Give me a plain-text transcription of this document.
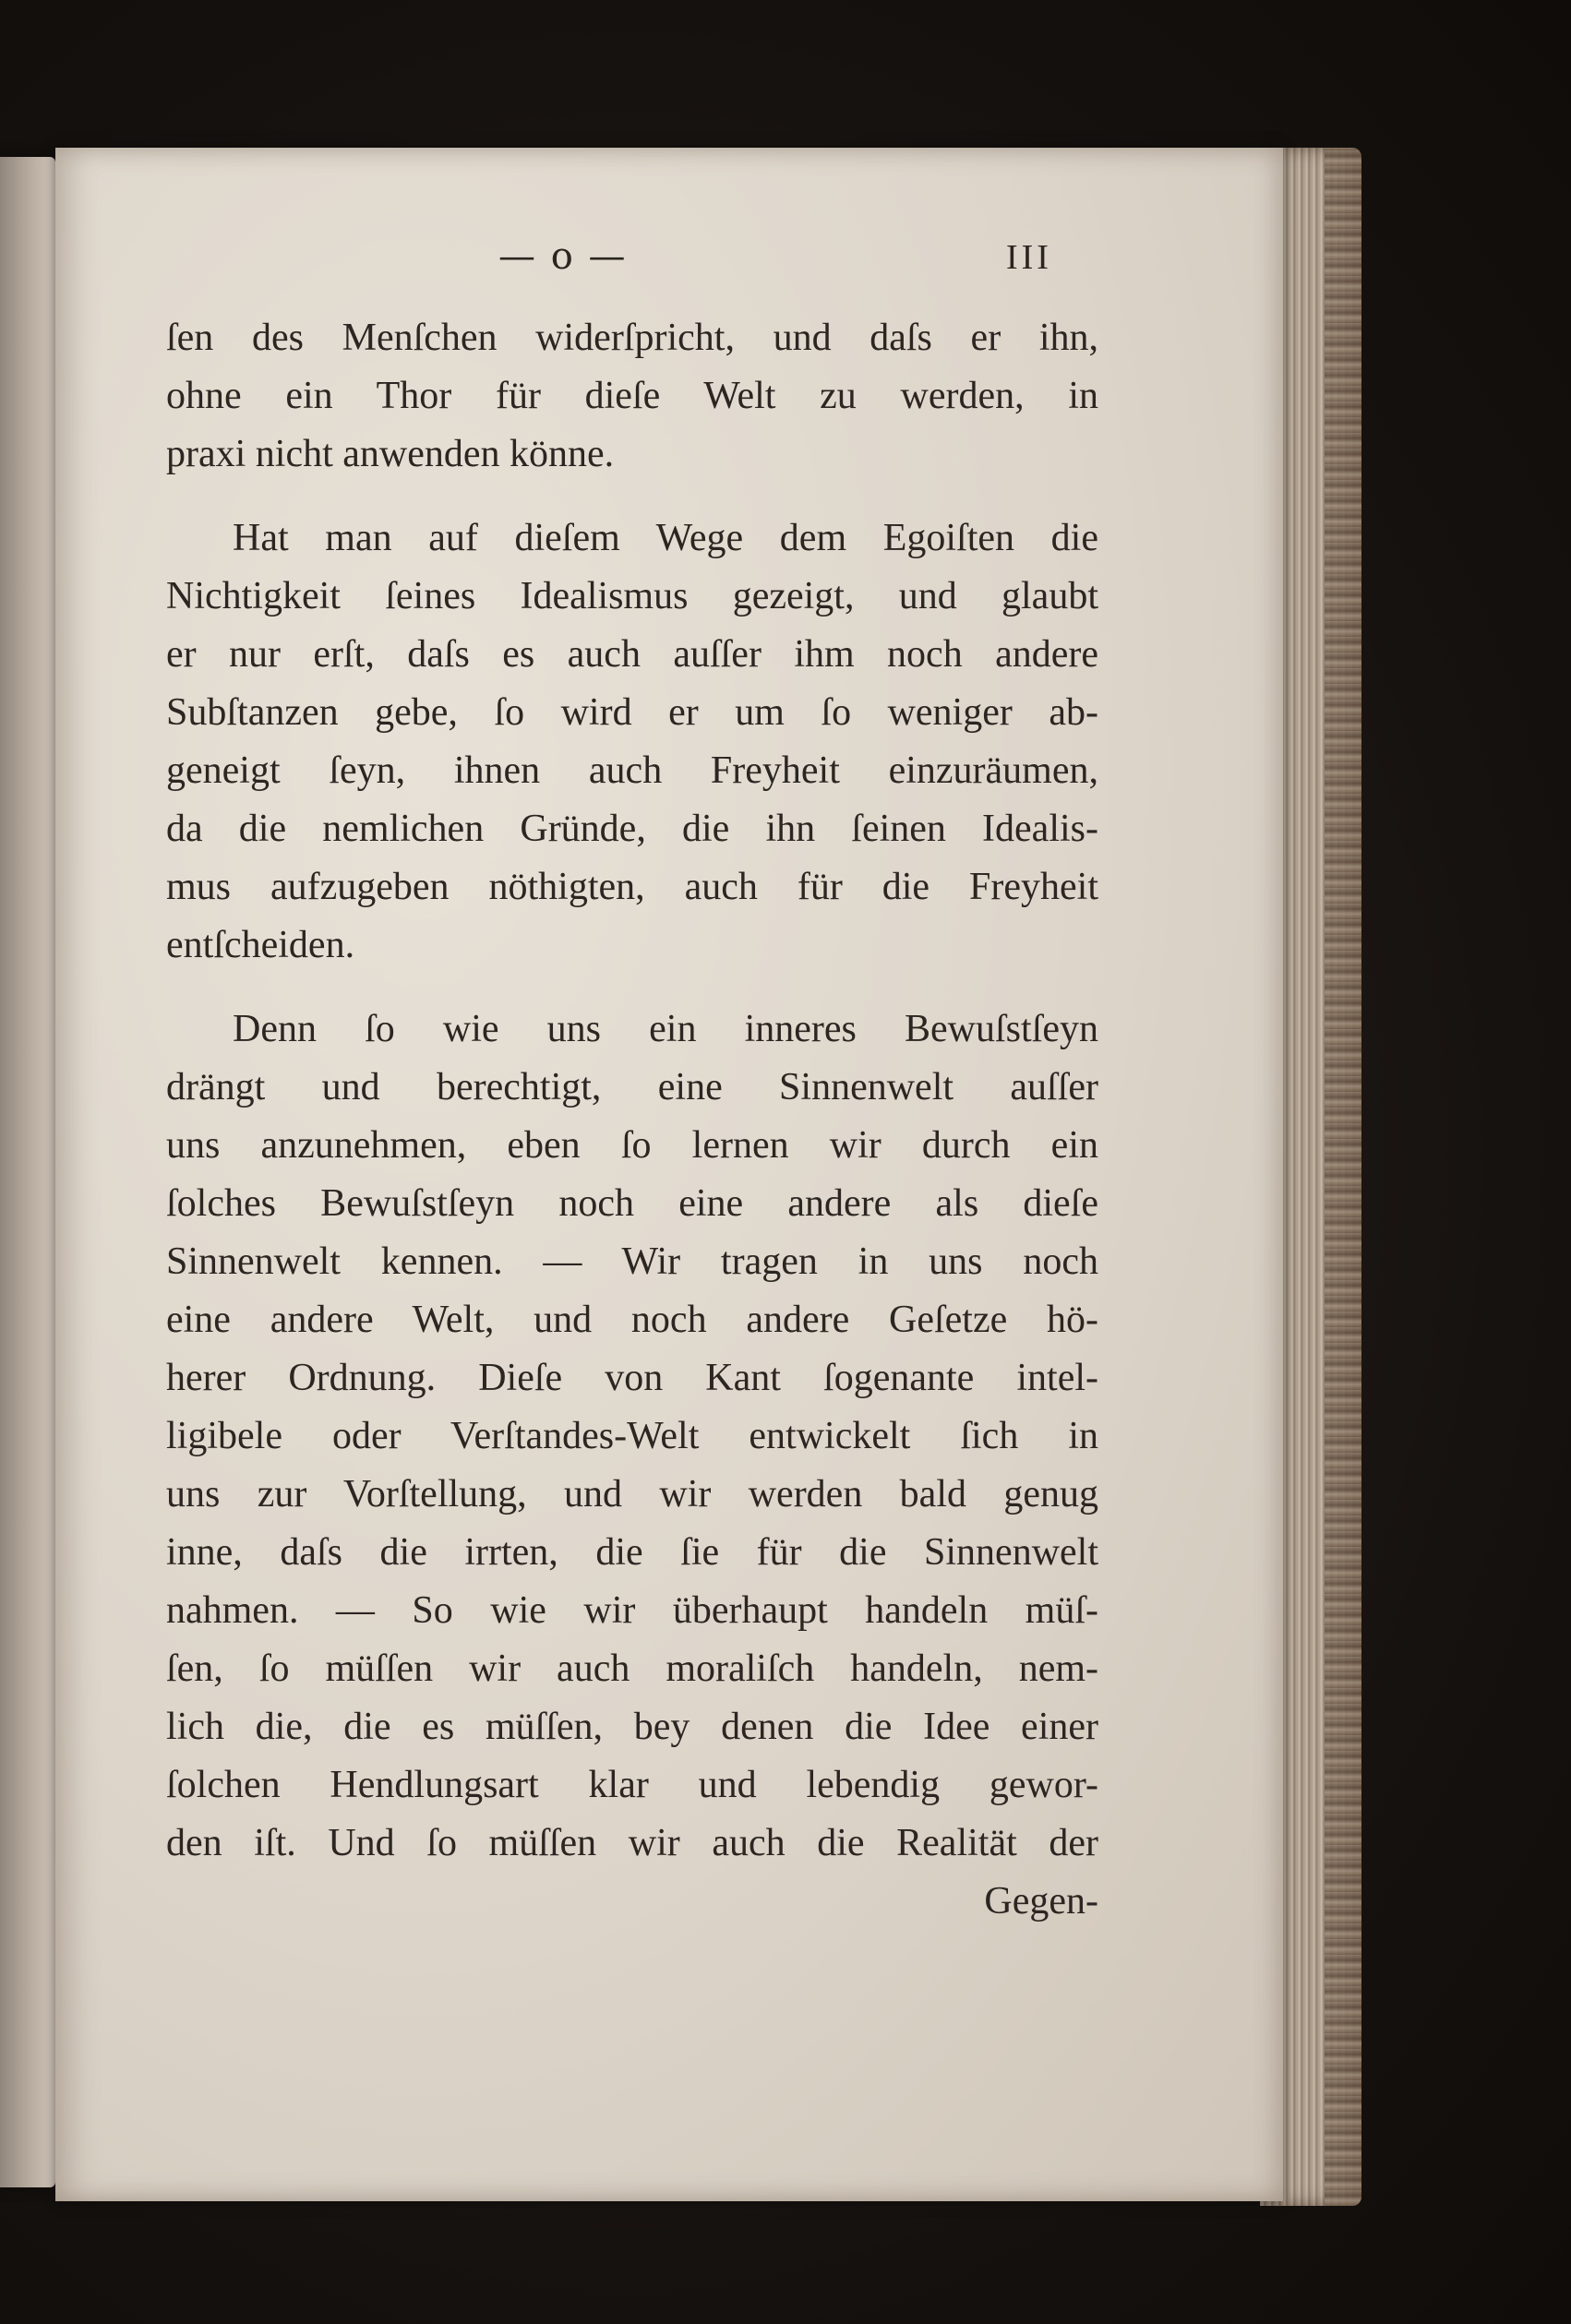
— o —	III
ſen des Menſchen widerſpricht, und daſs er ihn,
ohne ein Thor für dieſe Welt zu werden, in
praxi nicht anwenden könne.
Hat man auf dieſem Wege dem Egoiſten die
Nichtigkeit ſeines Idealismus gezeigt, und glaubt
er nur erſt, daſs es auch auſſer ihm noch andere
Subſtanzen gebe, ſo wird er um ſo weniger ab-
geneigt ſeyn, ihnen auch Freyheit einzuräumen,
da die nemlichen Gründe, die ihn ſeinen Idealis-
mus aufzugeben nöthigten, auch für die Freyheit
entſcheiden.
Denn ſo wie uns ein inneres Bewuſstſeyn
drängt und berechtigt, eine Sinnenwelt auſſer
uns anzunehmen, eben ſo lernen wir durch ein
ſolches Bewuſstſeyn noch eine andere als dieſe
Sinnenwelt kennen. — Wir tragen in uns noch
eine andere Welt, und noch andere Geſetze hö-
herer Ordnung. Dieſe von Kant ſogenante intel-
ligibele oder Verſtandes-Welt entwickelt ſich in
uns zur Vorſtellung, und wir werden bald genug
inne, daſs die irrten, die ſie für die Sinnenwelt
nahmen. — So wie wir überhaupt handeln müſ-
ſen, ſo müſſen wir auch moraliſch handeln, nem-
lich die, die es müſſen, bey denen die Idee einer
ſolchen Hendlungsart klar und lebendig gewor-
den iſt. Und ſo müſſen wir auch die Realität der
Gegen-
